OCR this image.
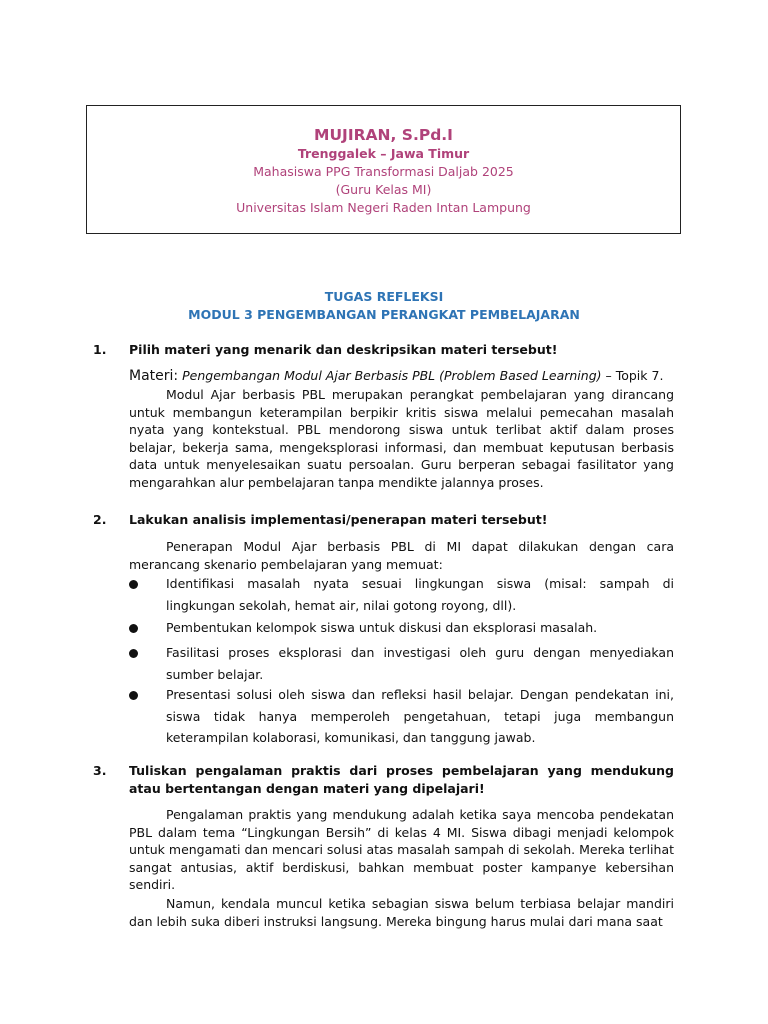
MUJIRAN, S.Pd.I
Trenggalek – Jawa Timur
Mahasiswa PPG Transformasi Daljab 2025
(Guru Kelas MI)
Universitas Islam Negeri Raden Intan Lampung
TUGAS REFLEKSI
MODUL 3 PENGEMBANGAN PERANGKAT PEMBELAJARAN
1. Pilih materi yang menarik dan deskripsikan materi tersebut!
Materi: Pengembangan Modul Ajar Berbasis PBL (Problem Based Learning) – Topik 7.
Modul Ajar berbasis PBL merupakan perangkat pembelajaran yang dirancang untuk membangun keterampilan berpikir kritis siswa melalui pemecahan masalah nyata yang kontekstual. PBL mendorong siswa untuk terlibat aktif dalam proses belajar, bekerja sama, mengeksplorasi informasi, dan membuat keputusan berbasis data untuk menyelesaikan suatu persoalan. Guru berperan sebagai fasilitator yang mengarahkan alur pembelajaran tanpa mendikte jalannya proses.
2. Lakukan analisis implementasi/penerapan materi tersebut!
Penerapan Modul Ajar berbasis PBL di MI dapat dilakukan dengan cara merancang skenario pembelajaran yang memuat:
Identifikasi masalah nyata sesuai lingkungan siswa (misal: sampah di lingkungan sekolah, hemat air, nilai gotong royong, dll).
Pembentukan kelompok siswa untuk diskusi dan eksplorasi masalah.
Fasilitasi proses eksplorasi dan investigasi oleh guru dengan menyediakan sumber belajar.
Presentasi solusi oleh siswa dan refleksi hasil belajar. Dengan pendekatan ini, siswa tidak hanya memperoleh pengetahuan, tetapi juga membangun keterampilan kolaborasi, komunikasi, dan tanggung jawab.
3. Tuliskan pengalaman praktis dari proses pembelajaran yang mendukung atau bertentangan dengan materi yang dipelajari!
Pengalaman praktis yang mendukung adalah ketika saya mencoba pendekatan PBL dalam tema “Lingkungan Bersih” di kelas 4 MI. Siswa dibagi menjadi kelompok untuk mengamati dan mencari solusi atas masalah sampah di sekolah. Mereka terlihat sangat antusias, aktif berdiskusi, bahkan membuat poster kampanye kebersihan sendiri.
Namun, kendala muncul ketika sebagian siswa belum terbiasa belajar mandiri dan lebih suka diberi instruksi langsung. Mereka bingung harus mulai dari mana saat
